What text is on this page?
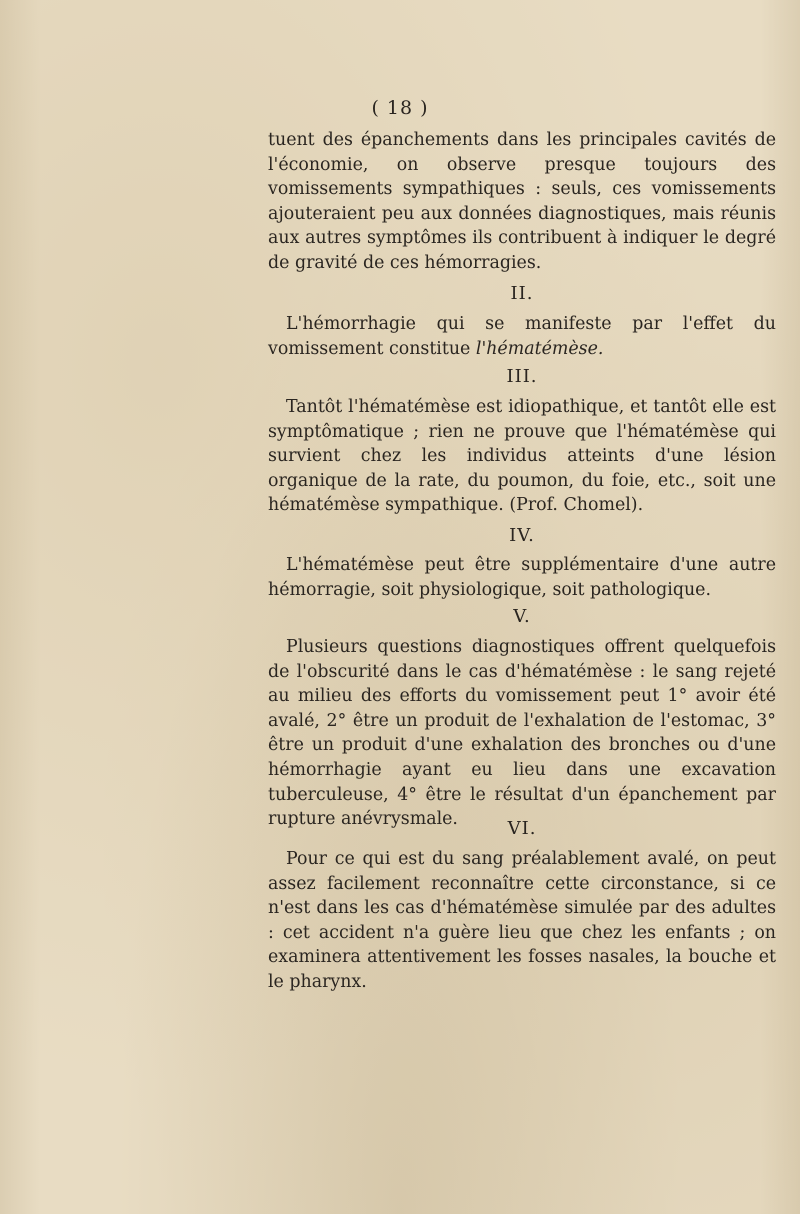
( 18 )

tuent des épanchements dans les principales cavités de l'économie, on observe presque toujours des vomissements sympathiques : seuls, ces vomissements ajouteraient peu aux données diagnostiques, mais réunis aux autres symptômes ils contribuent à indiquer le degré de gravité de ces hémorragies.

II.

L'hémorrhagie qui se manifeste par l'effet du vomissement constitue l'hématémèse.

III.

Tantôt l'hématémèse est idiopathique, et tantôt elle est symptômatique ; rien ne prouve que l'hématémèse qui survient chez les individus atteints d'une lésion organique de la rate, du poumon, du foie, etc., soit une hématémèse sympathique. (Prof. Chomel).

IV.

L'hématémèse peut être supplémentaire d'une autre hémorragie, soit physiologique, soit pathologique.

V.

Plusieurs questions diagnostiques offrent quelquefois de l'obscurité dans le cas d'hématémèse : le sang rejeté au milieu des efforts du vomissement peut 1° avoir été avalé, 2° être un produit de l'exhalation de l'estomac, 3° être un produit d'une exhalation des bronches ou d'une hémorrhagie ayant eu lieu dans une excavation tuberculeuse, 4° être le résultat d'un épanchement par rupture anévrysmale.	VI.

Pour ce qui est du sang préalablement avalé, on peut assez facilement reconnaître cette circonstance, si ce n'est dans les cas d'hématémèse simulée par des adultes : cet accident n'a guère lieu que chez les enfants ; on examinera attentivement les fosses nasales, la bouche et le pharynx.
